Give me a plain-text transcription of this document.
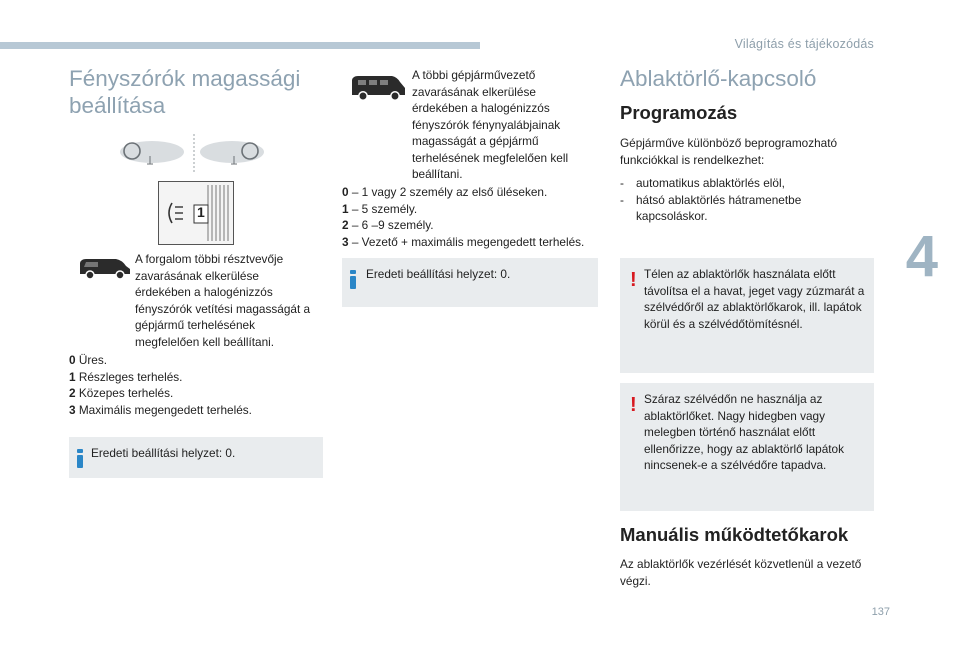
Világítás és tájékozódás
4
137
Fényszórók magassági beállítása
1
A forgalom többi résztvevője zavarásának elkerülése érdekében a halogénizzós fényszórók vetítési magasságát a gépjármű terhelésének megfelelően kell beállítani.
0 Üres.
1 Részleges terhelés.
2 Közepes terhelés.
3 Maximális megengedett terhelés.
Eredeti beállítási helyzet: 0.
A többi gépjárművezető zavarásának elkerülése érdekében a halogénizzós fényszórók fénynyalábjainak magasságát a gépjármű terhelésének megfelelően kell beállítani.
0 – 1 vagy 2 személy az első üléseken.
1 – 5 személy.
2 – 6 –9 személy.
3 – Vezető + maximális megengedett terhelés.
Eredeti beállítási helyzet: 0.
Ablaktörlő-kapcsoló
Programozás
Gépjárműve különböző beprogramozható funkciókkal is rendelkezhet:
- automatikus ablaktörlés elöl,
- hátsó ablaktörlés hátramenetbe kapcsoláskor.
! Télen az ablaktörlők használata előtt távolítsa el a havat, jeget vagy zúzmarát a szélvédőről az ablaktörlőkarok, ill. lapátok körül és a szélvédőtömítésnél.
! Száraz szélvédőn ne használja az ablaktörlőket. Nagy hidegben vagy melegben történő használat előtt ellenőrizze, hogy az ablaktörlő lapátok nincsenek-e a szélvédőre tapadva.
Manuális működtetőkarok
Az ablaktörlők vezérlését közvetlenül a vezető végzi.
